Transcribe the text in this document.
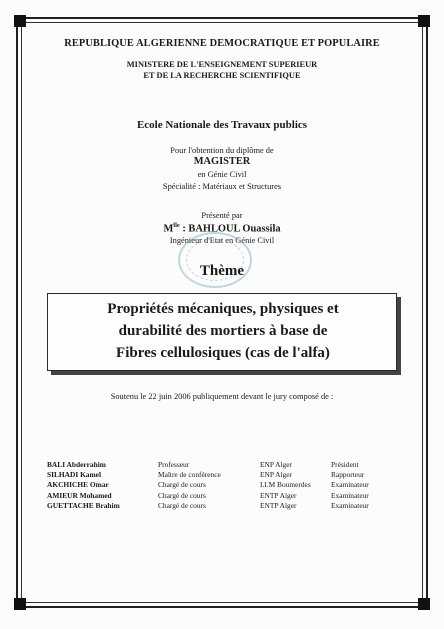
REPUBLIQUE ALGERIENNE DEMOCRATIQUE ET POPULAIRE
MINISTERE DE L'ENSEIGNEMENT SUPERIEUR
ET DE LA RECHERCHE SCIENTIFIQUE
Ecole Nationale des Travaux publics
Pour l'obtention du diplôme de
MAGISTER
en Génie Civil
Spécialité : Matériaux et Structures
Présenté par
$M^{lle}$ : BAHLOUL Ouassila
Ingénieur d'Etat en Génie Civil
Thème
Propriétés mécaniques, physiques et
durabilité des mortiers à base de
Fibres cellulosiques (cas de l'alfa)
Soutenu le 22 juin 2006 publiquement devant le jury composé de :
BALI Abderrahim	Professeur	ENP Alger	Président
SILHADI Kamel	Maître de conférence	ENP Alger	Rapporteur
AKCHICHE Omar	Chargé de cours	I.I.M Boumerdes	Examinateur
AMIEUR Mohamed	Chargé de cours	ENTP Alger	Examinateur
GUETTACHE Brahim	Chargé de cours	ENTP Alger	Examinateur
